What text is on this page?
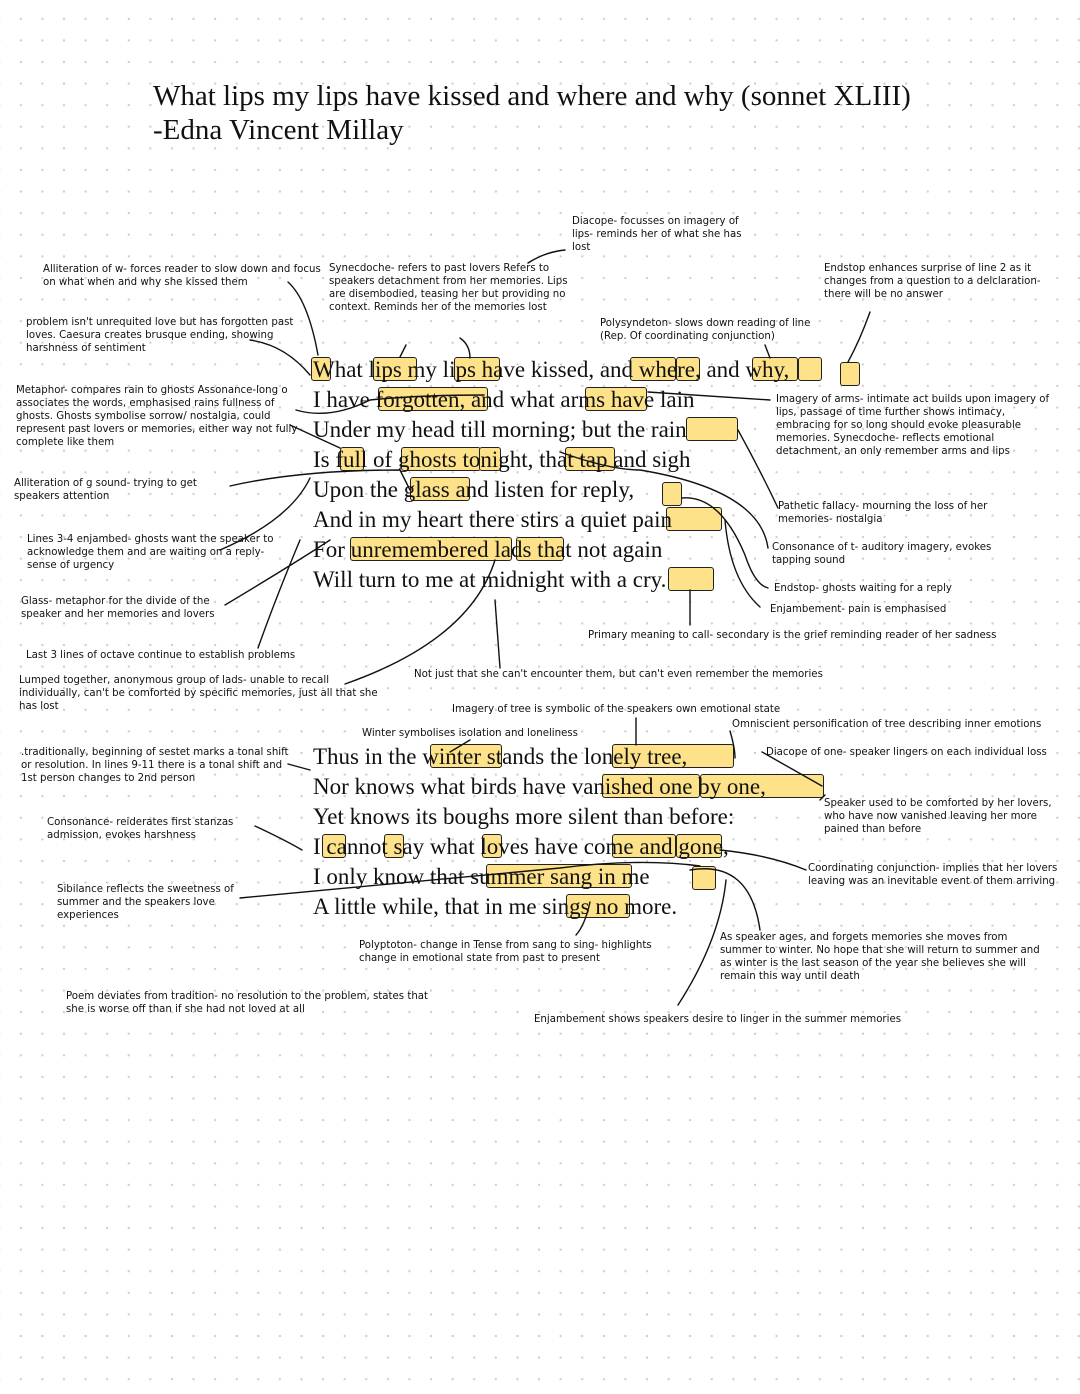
What lips my lips have kissed and where and why (sonnet XLIII)
-Edna Vincent Millay
What lips my lips have kissed, and where, and why,
I have forgotten, and what arms have lain
Under my head till morning; but the rain
Is full of ghosts tonight, that tap and sigh
Upon the glass and listen for reply,
And in my heart there stirs a quiet pain
For unremembered lads that not again
Will turn to me at midnight with a cry.
Thus in the winter stands the lonely tree,
Nor knows what birds have vanished one by one,
Yet knows its boughs more silent than before:
I cannot say what loves have come and gone,
I only know that summer sang in me
A little while, that in me sings no more.
Diacope- focusses on imagery of lips- reminds her of what she has lost
Alliteration of w- forces reader to slow down and focus on what when and why she kissed them
Synecdoche- refers to past lovers Refers to speakers detachment from her memories. Lips are disembodied, teasing her but providing no context. Reminds her of the memories lost
Endstop enhances surprise of line 2 as it changes from a question to a delclaration- there will be no answer
problem isn't unrequited love but has forgotten past loves. Caesura creates brusque ending, showing harshness of sentiment
Polysyndeton- slows down reading of line (Rep. Of coordinating conjunction)
Metaphor- compares rain to ghosts Assonance-long o associates the words, emphasised rains fullness of ghosts. Ghosts symbolise sorrow/ nostalgia, could represent past lovers or memories, either way not fully complete like them
Imagery of arms- intimate act builds upon imagery of lips, passage of time further shows intimacy, embracing for so long should evoke pleasurable memories. Synecdoche- reflects emotional detachment, an only remember arms and lips
Alliteration of g sound- trying to get speakers attention
Pathetic fallacy- mourning the loss of her memories- nostalgia
Lines 3-4 enjambed- ghosts want the speaker to acknowledge them and are waiting on a reply- sense of urgency
Consonance of t- auditory imagery, evokes tapping sound
Endstop- ghosts waiting for a reply
Glass- metaphor for the divide of the speaker and her memories and lovers	Enjambement- pain is emphasised
Primary meaning to call- secondary is the grief reminding reader of her sadness
Last 3 lines of octave continue to establish problems
Lumped together, anonymous group of lads- unable to recall individually, can't be comforted by specific memories, just all that she has lost
Not just that she can't encounter them, but can't even remember the memories
Imagery of tree is symbolic of the speakers own emotional state
Winter symbolises isolation and loneliness
Omniscient personification of tree describing inner emotions
.traditionally, beginning of sestet marks a tonal shift or resolution. In lines 9-11 there is a tonal shift and 1st person changes to 2nd person
Diacope of one- speaker lingers on each individual loss
Speaker used to be comforted by her lovers, who have now vanished leaving her more pained than before
Consonance- reiderates first stanzas admission, evokes harshness
Coordinating conjunction- implies that her lovers leaving was an inevitable event of them arriving
Sibilance reflects the sweetness of summer and the speakers love experiences
Polyptoton- change in Tense from sang to sing- highlights change in emotional state from past to present
As speaker ages, and forgets memories she moves from summer to winter. No hope that she will return to summer and as winter is the last season of the year she believes she will remain this way until death
Poem deviates from tradition- no resolution to the problem, states that she is worse off than if she had not loved at all
Enjambement shows speakers desire to linger in the summer memories
